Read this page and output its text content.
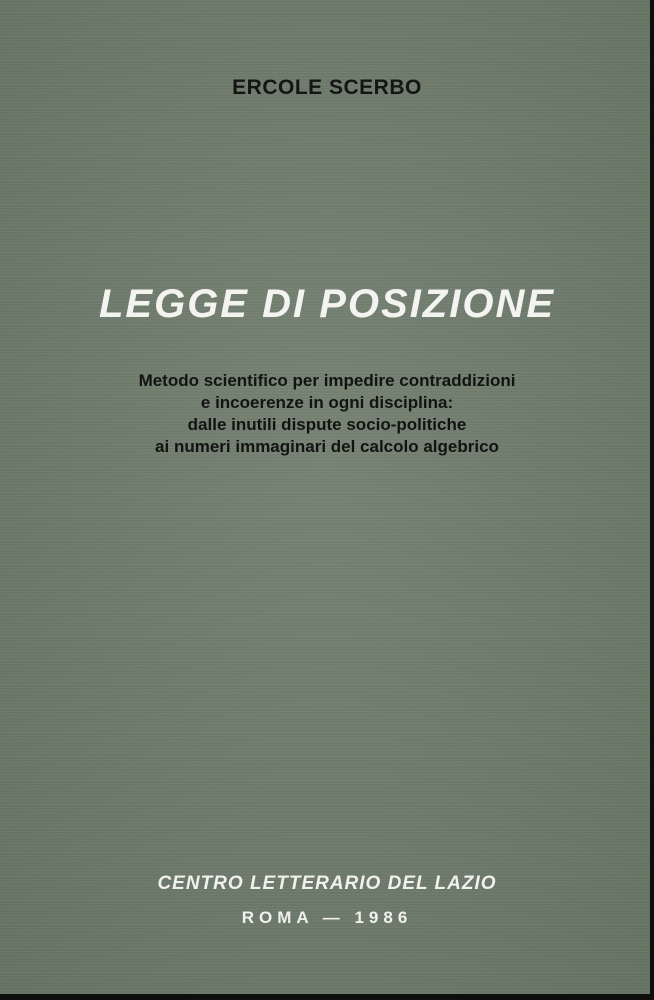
ERCOLE SCERBO
LEGGE DI POSIZIONE
Metodo scientifico per impedire contraddizioni
e incoerenze in ogni disciplina:
dalle inutili dispute socio-politiche
ai numeri immaginari del calcolo algebrico
CENTRO LETTERARIO DEL LAZIO
ROMA — 1986
